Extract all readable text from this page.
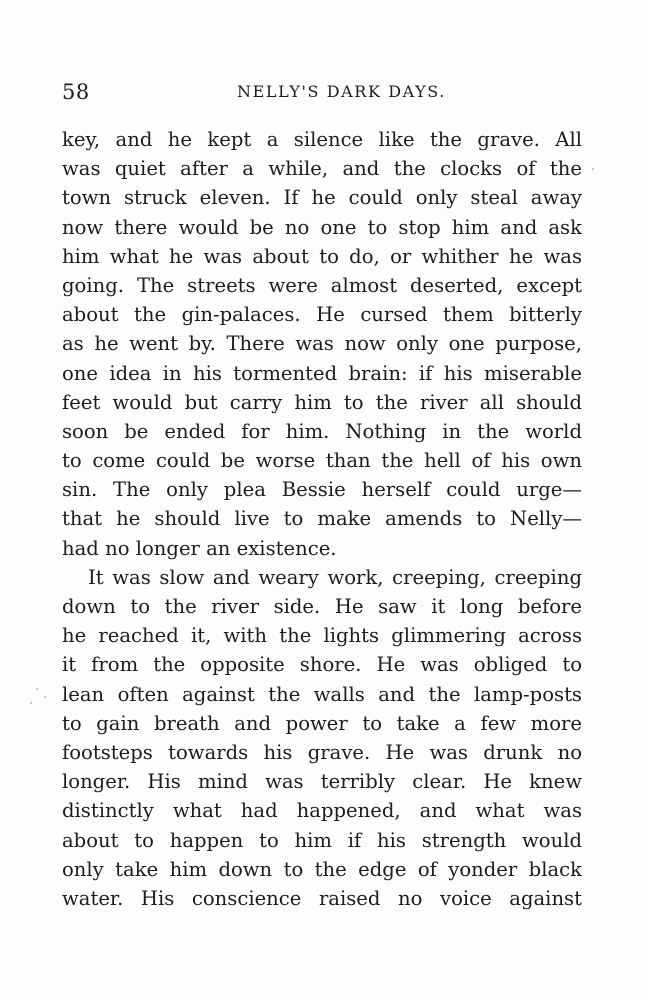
58	NELLY'S DARK DAYS.
key, and he kept a silence like the grave. All
was quiet after a while, and the clocks of the
town struck eleven. If he could only steal away
now there would be no one to stop him and ask
him what he was about to do, or whither he was
going. The streets were almost deserted, except
about the gin-palaces. He cursed them bitterly
as he went by. There was now only one purpose,
one idea in his tormented brain: if his miserable
feet would but carry him to the river all should
soon be ended for him. Nothing in the world
to come could be worse than the hell of his own
sin. The only plea Bessie herself could urge—
that he should live to make amends to Nelly—
had no longer an existence.
It was slow and weary work, creeping, creeping
down to the river side. He saw it long before
he reached it, with the lights glimmering across
it from the opposite shore. He was obliged to
lean often against the walls and the lamp-posts
to gain breath and power to take a few more
footsteps towards his grave. He was drunk no
longer. His mind was terribly clear. He knew
distinctly what had happened, and what was
about to happen to him if his strength would
only take him down to the edge of yonder black
water. His conscience raised no voice against
